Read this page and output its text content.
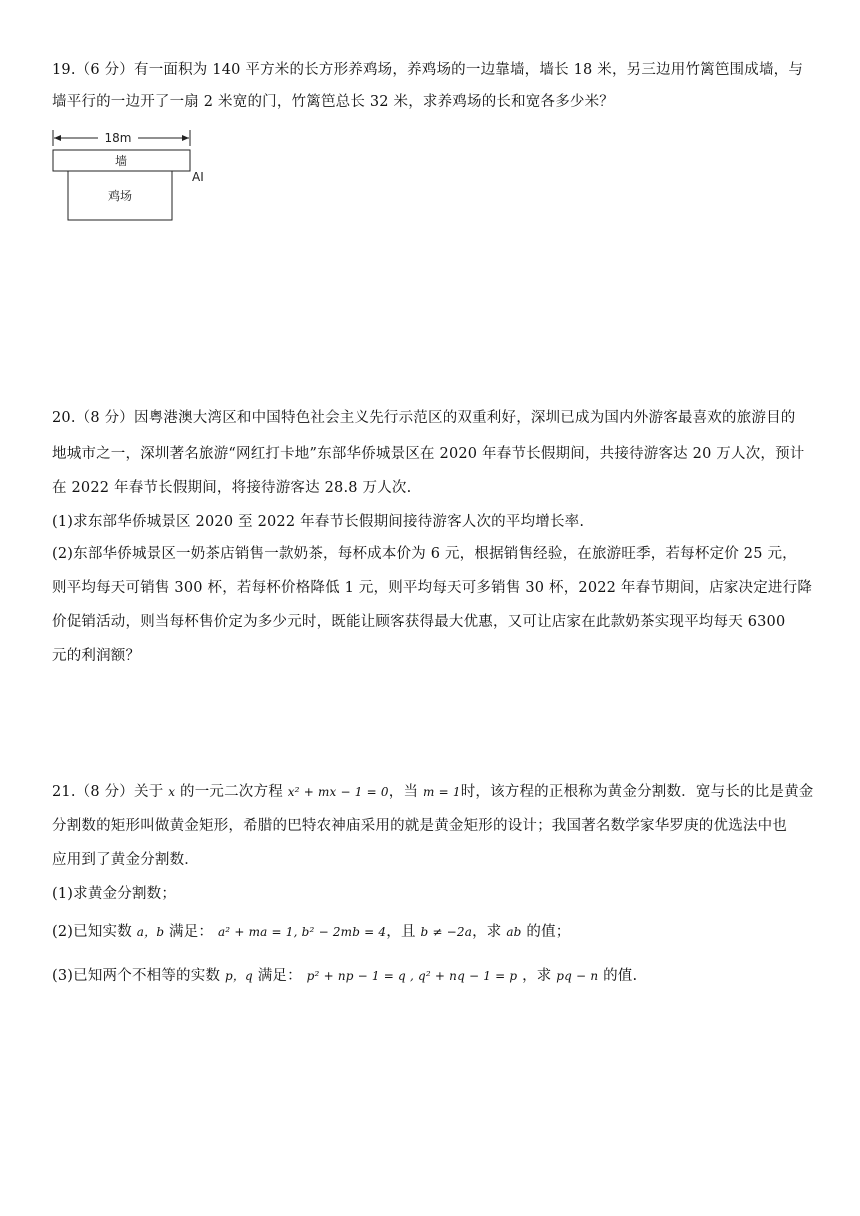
19.（6 分）有一面积为 140 平方米的长方形养鸡场，养鸡场的一边靠墙，墙长 18 米，另三边用竹篱笆围成墙，与
墙平行的一边开了一扇 2 米宽的门，竹篱笆总长 32 米，求养鸡场的长和宽各多少米？
18m
墙
鸡场
AI
20.（8 分）因粤港澳大湾区和中国特色社会主义先行示范区的双重利好，深圳已成为国内外游客最喜欢的旅游目的
地城市之一，深圳著名旅游“网红打卡地”东部华侨城景区在 2020 年春节长假期间，共接待游客达 20 万人次，预计
在 2022 年春节长假期间，将接待游客达 28.8 万人次.
(1)求东部华侨城景区 2020 至 2022 年春节长假期间接待游客人次的平均增长率.
(2)东部华侨城景区一奶茶店销售一款奶茶，每杯成本价为 6 元，根据销售经验，在旅游旺季，若每杯定价 25 元，
则平均每天可销售 300 杯，若每杯价格降低 1 元，则平均每天可多销售 30 杯，2022 年春节期间，店家决定进行降
价促销活动，则当每杯售价定为多少元时，既能让顾客获得最大优惠，又可让店家在此款奶茶实现平均每天 6300
元的利润额？
21.（8 分）关于 x 的一元二次方程 x² + mx − 1 = 0，当 m = 1时，该方程的正根称为黄金分割数．宽与长的比是黄金
分割数的矩形叫做黄金矩形，希腊的巴特农神庙采用的就是黄金矩形的设计；我国著名数学家华罗庚的优选法中也
应用到了黄金分割数．
(1)求黄金分割数；
(2)已知实数 a，b 满足： a² + ma = 1, b² − 2mb = 4，且 b ≠ −2a，求 ab 的值；
(3)已知两个不相等的实数 p，q 满足： p² + np − 1 = q , q² + nq − 1 = p ，求 pq − n 的值.
